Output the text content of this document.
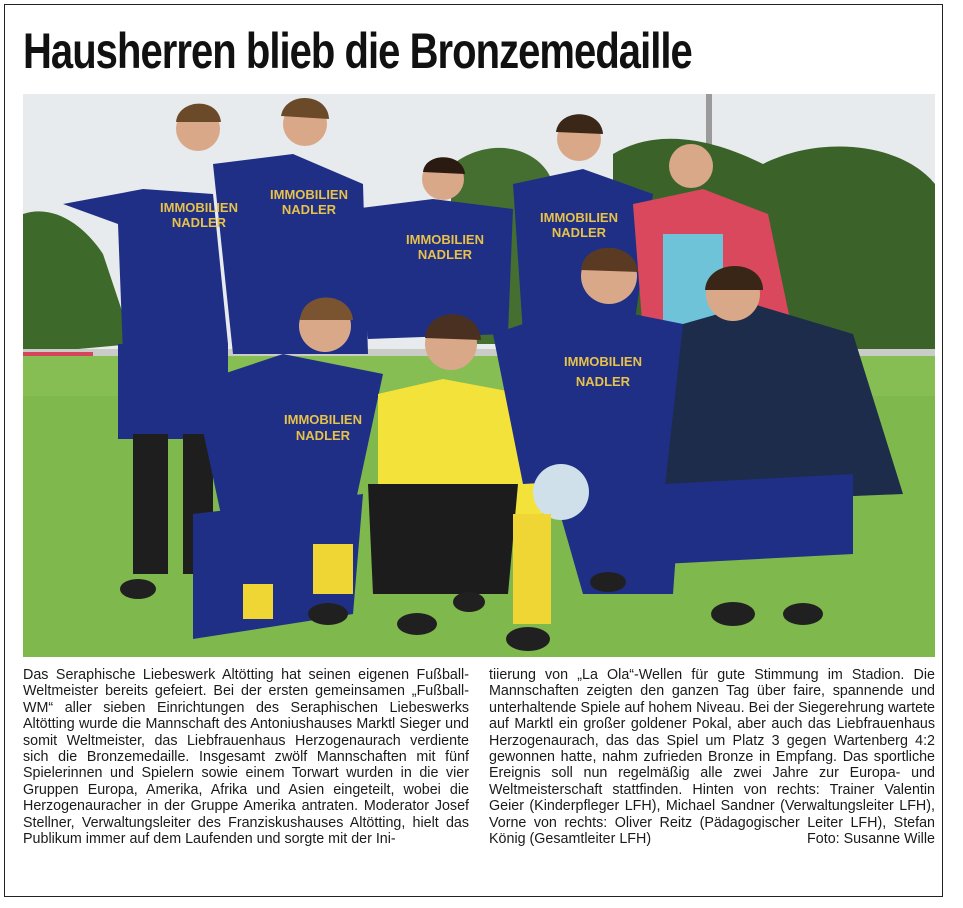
Hausherren blieb die Bronzemedaille
IMMOBILIEN
NADLER
IMMOBILIEN
NADLER
IMMOBILIEN
NADLER
IMMOBILIEN
NADLER
IMMOBILIEN
NADLER
IMMOBILIEN
NADLER

Das Seraphische Liebeswerk Altötting hat seinen eigenen Fußball-Weltmeister bereits gefeiert. Bei der ersten gemeinsamen „Fußball-WM“ aller sieben Einrichtungen des Seraphischen Liebeswerks Altötting wurde die Mannschaft des Antoniushauses Marktl Sieger und somit Weltmeister, das Liebfrauenhaus Herzogenaurach verdiente sich die Bronzemedaille. Insgesamt zwölf Mannschaften mit fünf Spielerinnen und Spielern sowie einem Torwart wurden in die vier Gruppen Europa, Amerika, Afrika und Asien eingeteilt, wobei die Herzogenauracher in der Gruppe Amerika antraten. Moderator Josef Stellner, Verwaltungsleiter des Franziskushauses Altötting, hielt das Publikum immer auf dem Laufenden und sorgte mit der Ini-

tiierung von „La Ola“-Wellen für gute Stimmung im Stadion. Die Mannschaften zeigten den ganzen Tag über faire, spannende und unterhaltende Spiele auf hohem Niveau. Bei der Siegerehrung wartete auf Marktl ein großer goldener Pokal, aber auch das Liebfrauenhaus Herzogenaurach, das das Spiel um Platz 3 gegen Wartenberg 4:2 gewonnen hatte, nahm zufrieden Bronze in Empfang. Das sportliche Ereignis soll nun regelmäßig alle zwei Jahre zur Europa- und Weltmeisterschaft stattfinden. Hinten von rechts: Trainer Valentin Geier (Kinderpfleger LFH), Michael Sandner (Verwaltungsleiter LFH), Vorne von rechts: Oliver Reitz (Pädagogischer Leiter LFH), Stefan König (Gesamtleiter LFH)	Foto: Susanne Wille
